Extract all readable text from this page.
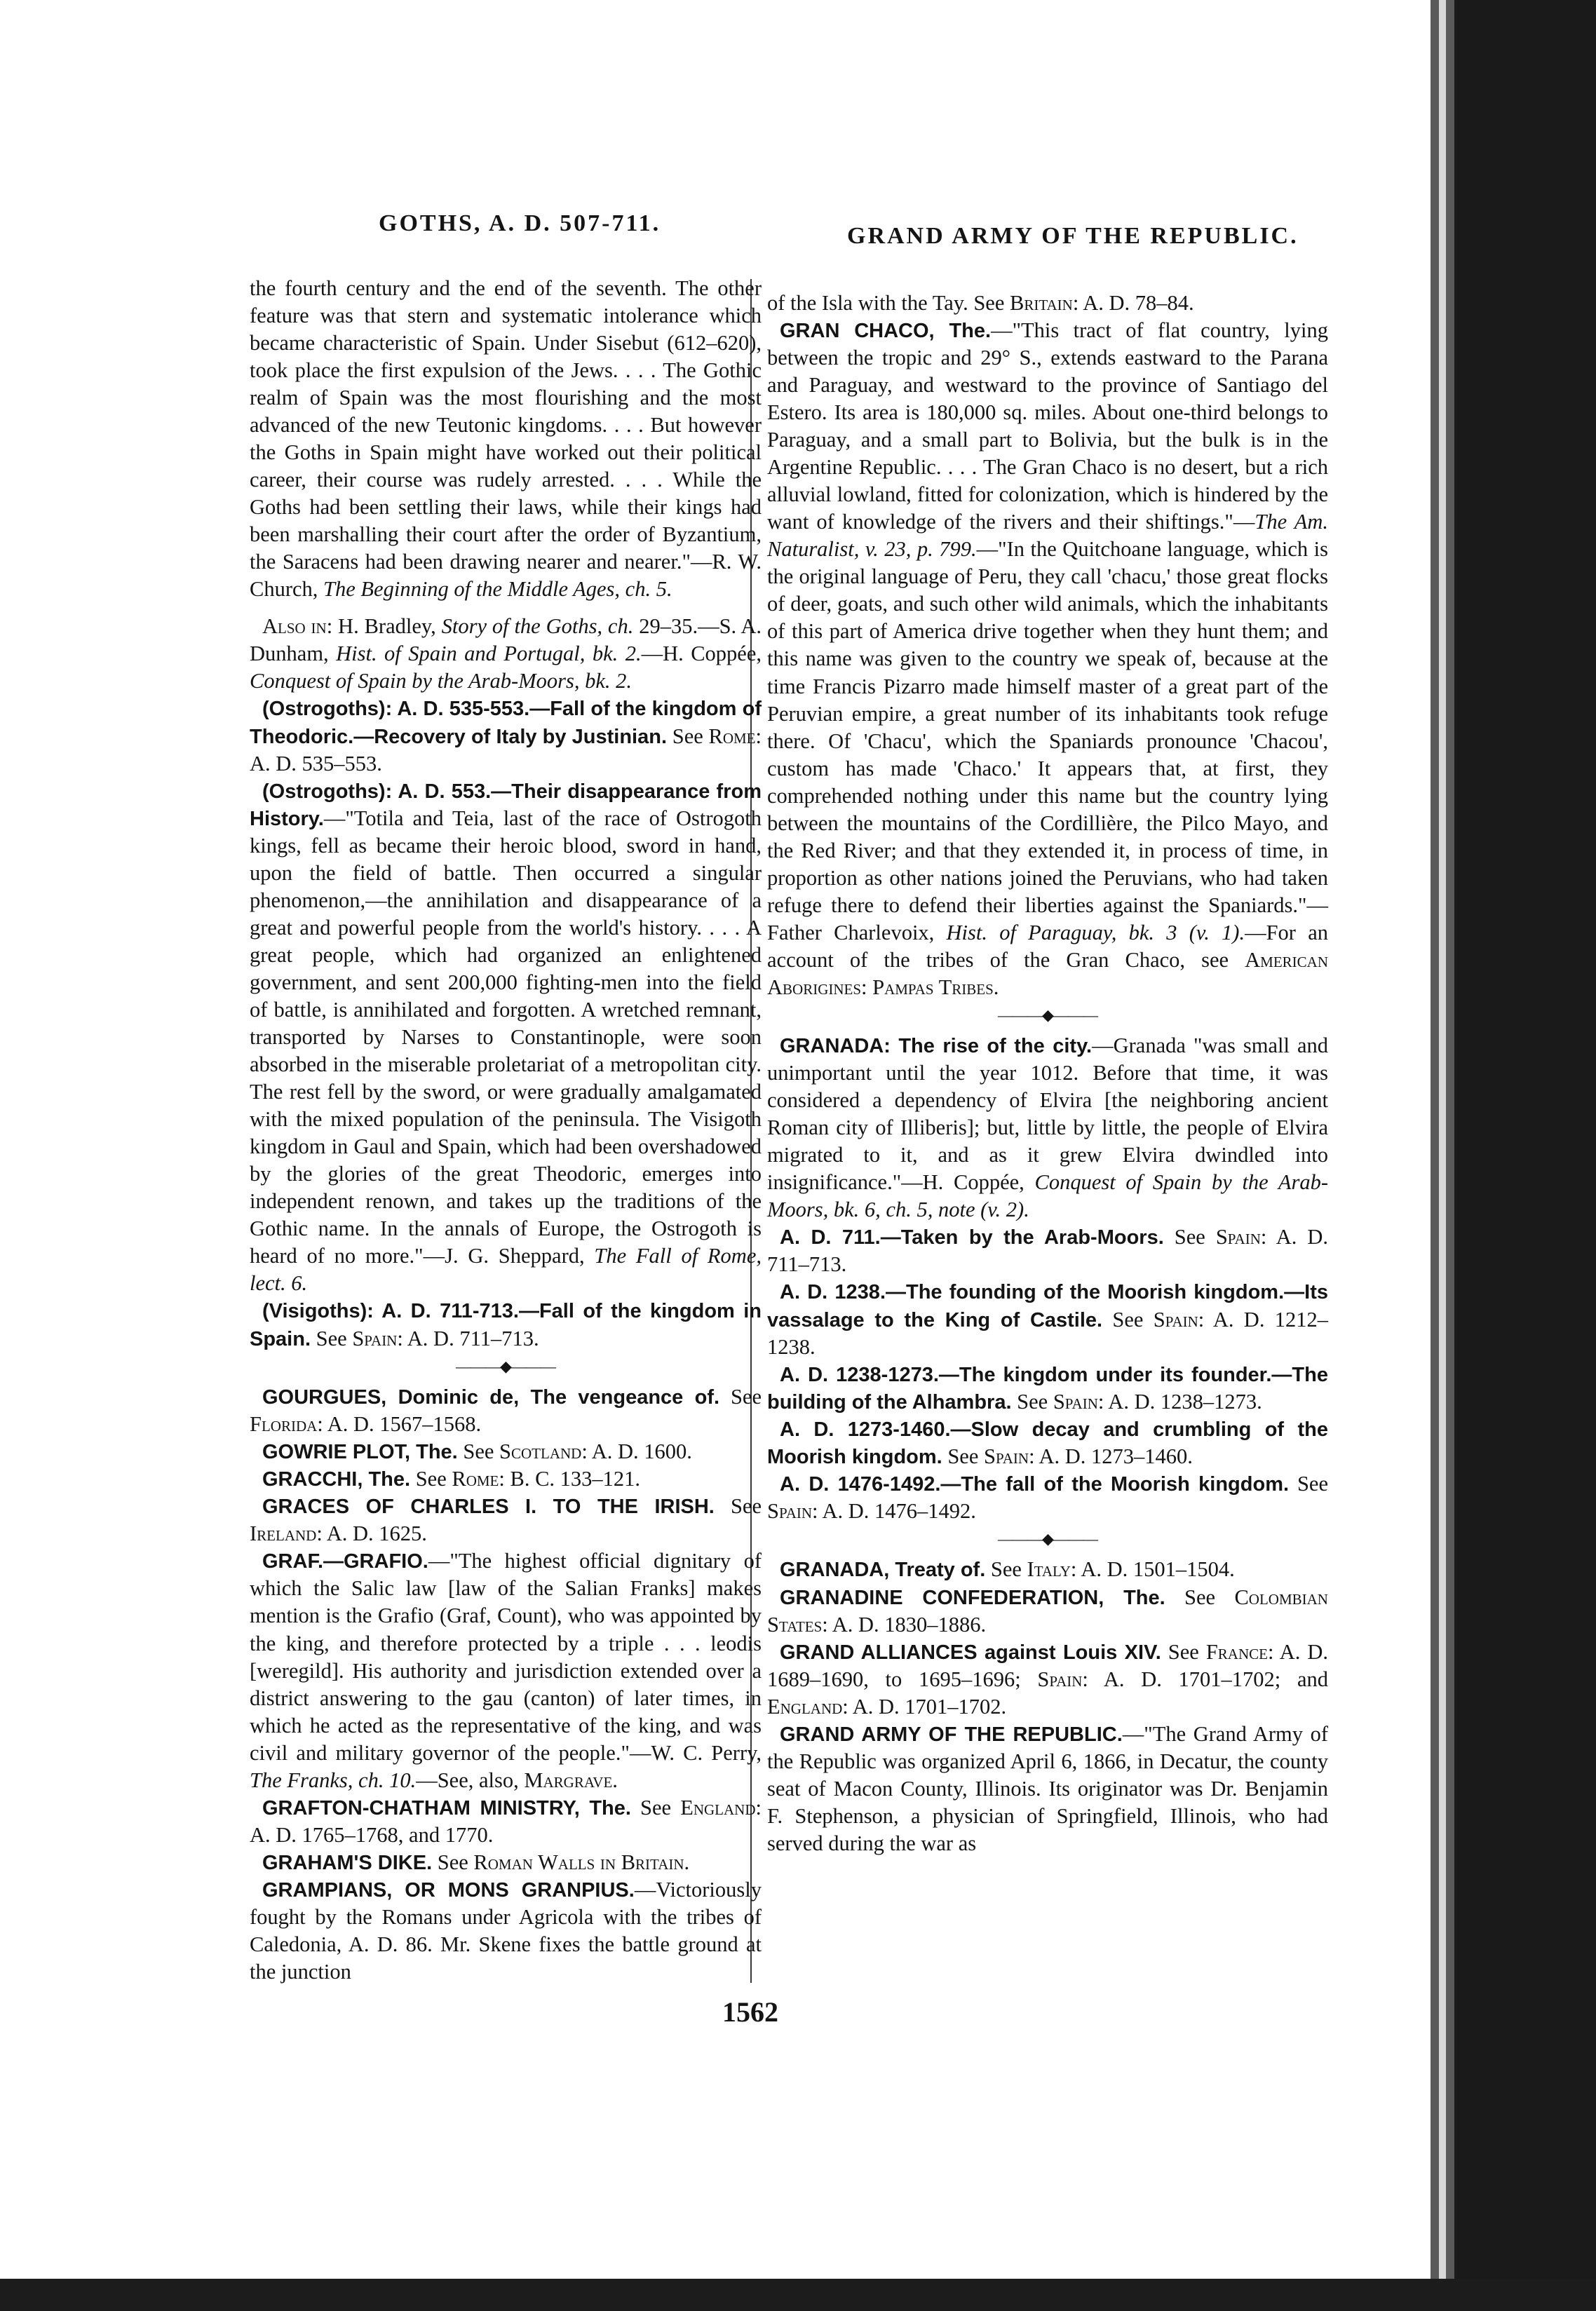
GOTHS, A. D. 507-711.	GRAND ARMY OF THE REPUBLIC.

the fourth century and the end of the seventh. The other feature was that stern and systematic intolerance which became characteristic of Spain. Under Sisebut (612–620), took place the first expulsion of the Jews. . . . The Gothic realm of Spain was the most flourishing and the most advanced of the new Teutonic kingdoms. . . . But however the Goths in Spain might have worked out their political career, their course was rudely arrested. . . . While the Goths had been settling their laws, while their kings had been marshalling their court after the order of Byzantium, the Saracens had been drawing nearer and nearer."—R. W. Church, The Beginning of the Middle Ages, ch. 5.

Also in: H. Bradley, Story of the Goths, ch. 29–35.—S. A. Dunham, Hist. of Spain and Portugal, bk. 2.—H. Coppée, Conquest of Spain by the Arab-Moors, bk. 2.

(Ostrogoths): A. D. 535-553.—Fall of the kingdom of Theodoric.—Recovery of Italy by Justinian. See Rome: A. D. 535–553.

(Ostrogoths): A. D. 553.—Their disappearance from History.—"Totila and Teia, last of the race of Ostrogoth kings, fell as became their heroic blood, sword in hand, upon the field of battle. Then occurred a singular phenomenon,—the annihilation and disappearance of a great and powerful people from the world's history. . . . A great people, which had organized an enlightened government, and sent 200,000 fighting-men into the field of battle, is annihilated and forgotten. A wretched remnant, transported by Narses to Constantinople, were soon absorbed in the miserable proletariat of a metropolitan city. The rest fell by the sword, or were gradually amalgamated with the mixed population of the peninsula. The Visigoth kingdom in Gaul and Spain, which had been overshadowed by the glories of the great Theodoric, emerges into independent renown, and takes up the traditions of the Gothic name. In the annals of Europe, the Ostrogoth is heard of no more."—J. G. Sheppard, The Fall of Rome, lect. 6.

(Visigoths): A. D. 711-713.—Fall of the kingdom in Spain. See Spain: A. D. 711–713.

———◆———

GOURGUES, Dominic de, The vengeance of. See Florida: A. D. 1567–1568.

GOWRIE PLOT, The. See Scotland: A. D. 1600.

GRACCHI, The. See Rome: B. C. 133–121.

GRACES OF CHARLES I. TO THE IRISH. See Ireland: A. D. 1625.

GRAF.—GRAFIO.—"The highest official dignitary of which the Salic law [law of the Salian Franks] makes mention is the Grafio (Graf, Count), who was appointed by the king, and therefore protected by a triple . . . leodis [weregild]. His authority and jurisdiction extended over a district answering to the gau (canton) of later times, in which he acted as the representative of the king, and was civil and military governor of the people."—W. C. Perry, The Franks, ch. 10.—See, also, Margrave.

GRAFTON-CHATHAM MINISTRY, The. See England: A. D. 1765–1768, and 1770.

GRAHAM'S DIKE. See Roman Walls in Britain.

GRAMPIANS, OR MONS GRANPIUS.—Victoriously fought by the Romans under Agricola with the tribes of Caledonia, A. D. 86. Mr. Skene fixes the battle ground at the junction

of the Isla with the Tay. See Britain: A. D. 78–84.

GRAN CHACO, The.—"This tract of flat country, lying between the tropic and 29° S., extends eastward to the Parana and Paraguay, and westward to the province of Santiago del Estero. Its area is 180,000 sq. miles. About one-third belongs to Paraguay, and a small part to Bolivia, but the bulk is in the Argentine Republic. . . . The Gran Chaco is no desert, but a rich alluvial lowland, fitted for colonization, which is hindered by the want of knowledge of the rivers and their shiftings."—The Am. Naturalist, v. 23, p. 799.—"In the Quitchoane language, which is the original language of Peru, they call 'chacu,' those great flocks of deer, goats, and such other wild animals, which the inhabitants of this part of America drive together when they hunt them; and this name was given to the country we speak of, because at the time Francis Pizarro made himself master of a great part of the Peruvian empire, a great number of its inhabitants took refuge there. Of 'Chacu', which the Spaniards pronounce 'Chacou', custom has made 'Chaco.' It appears that, at first, they comprehended nothing under this name but the country lying between the mountains of the Cordillière, the Pilco Mayo, and the Red River; and that they extended it, in process of time, in proportion as other nations joined the Peruvians, who had taken refuge there to defend their liberties against the Spaniards."—Father Charlevoix, Hist. of Paraguay, bk. 3 (v. 1).—For an account of the tribes of the Gran Chaco, see American Aborigines: Pampas Tribes.

———◆———

GRANADA: The rise of the city.—Granada "was small and unimportant until the year 1012. Before that time, it was considered a dependency of Elvira [the neighboring ancient Roman city of Illiberis]; but, little by little, the people of Elvira migrated to it, and as it grew Elvira dwindled into insignificance."—H. Coppée, Conquest of Spain by the Arab-Moors, bk. 6, ch. 5, note (v. 2).

A. D. 711.—Taken by the Arab-Moors. See Spain: A. D. 711–713.

A. D. 1238.—The founding of the Moorish kingdom.—Its vassalage to the King of Castile. See Spain: A. D. 1212–1238.

A. D. 1238-1273.—The kingdom under its founder.—The building of the Alhambra. See Spain: A. D. 1238–1273.

A. D. 1273-1460.—Slow decay and crumbling of the Moorish kingdom. See Spain: A. D. 1273–1460.

A. D. 1476-1492.—The fall of the Moorish kingdom. See Spain: A. D. 1476–1492.

———◆———

GRANADA, Treaty of. See Italy: A. D. 1501–1504.

GRANADINE CONFEDERATION, The. See Colombian States: A. D. 1830–1886.

GRAND ALLIANCES against Louis XIV. See France: A. D. 1689–1690, to 1695–1696; Spain: A. D. 1701–1702; and England: A. D. 1701–1702.

GRAND ARMY OF THE REPUBLIC.—"The Grand Army of the Republic was organized April 6, 1866, in Decatur, the county seat of Macon County, Illinois. Its originator was Dr. Benjamin F. Stephenson, a physician of Springfield, Illinois, who had served during the war as

1562
